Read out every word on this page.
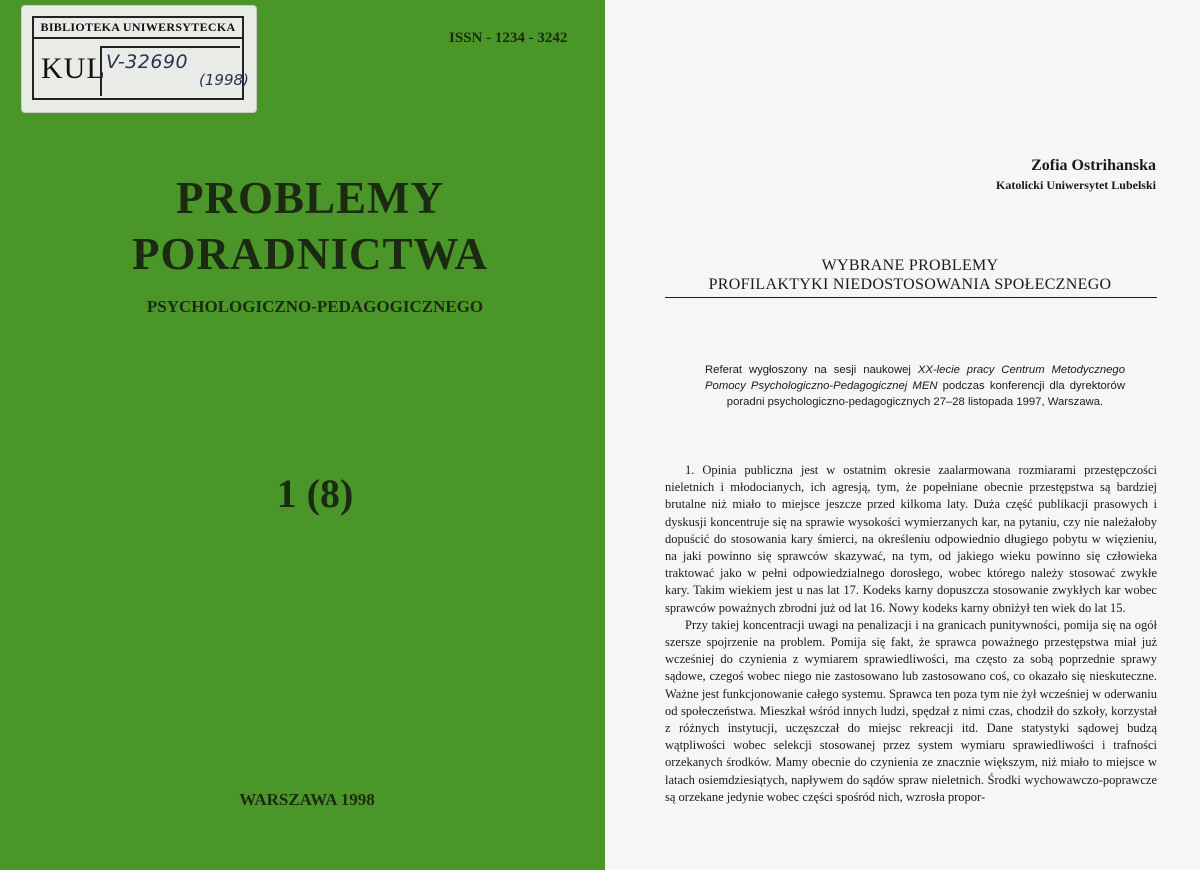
BIBLIOTEKA UNIWERSYTECKA
KUL V-32690
(1998)
ISSN - 1234 - 3242
PROBLEMY
PORADNICTWA
PSYCHOLOGICZNO-PEDAGOGICZNEGO
1 (8)
WARSZAWA 1998
Zofia Ostrihanska
Katolicki Uniwersytet Lubelski
WYBRANE PROBLEMY
PROFILAKTYKI NIEDOSTOSOWANIA SPOŁECZNEGO
Referat wygłoszony na sesji naukowej XX-lecie pracy Centrum Metodycznego Pomocy Psychologiczno-Pedagogicznej MEN podczas konferencji dla dyrektorów poradni psychologiczno-pedagogicznych 27–28 listopada 1997, Warszawa.

1. Opinia publiczna jest w ostatnim okresie zaalarmowana rozmiarami przestępczości nieletnich i młodocianych, ich agresją, tym, że popełniane obecnie przestępstwa są bardziej brutalne niż miało to miejsce jeszcze przed kilkoma laty. Duża część publikacji prasowych i dyskusji koncentruje się na sprawie wysokości wymierzanych kar, na pytaniu, czy nie należałoby dopuścić do stosowania kary śmierci, na określeniu odpowiednio długiego pobytu w więzieniu, na jaki powinno się sprawców skazywać, na tym, od jakiego wieku powinno się człowieka traktować jako w pełni odpowiedzialnego dorosłego, wobec którego należy stosować zwykłe kary. Takim wiekiem jest u nas lat 17. Kodeks karny dopuszcza stosowanie zwykłych kar wobec sprawców poważnych zbrodni już od lat 16. Nowy kodeks karny obniżył ten wiek do lat 15.

Przy takiej koncentracji uwagi na penalizacji i na granicach punitywności, pomija się na ogół szersze spojrzenie na problem. Pomija się fakt, że sprawca poważnego przestępstwa miał już wcześniej do czynienia z wymiarem sprawiedliwości, ma często za sobą poprzednie sprawy sądowe, czegoś wobec niego nie zastosowano lub zastosowano coś, co okazało się nieskuteczne. Ważne jest funkcjonowanie całego systemu. Sprawca ten poza tym nie żył wcześniej w oderwaniu od społeczeństwa. Mieszkał wśród innych ludzi, spędzał z nimi czas, chodził do szkoły, korzystał z różnych instytucji, uczęszczał do miejsc rekreacji itd. Dane statystyki sądowej budzą wątpliwości wobec selekcji stosowanej przez system wymiaru sprawiedliwości i trafności orzekanych środków. Mamy obecnie do czynienia ze znacznie większym, niż miało to miejsce w latach osiemdziesiątych, napływem do sądów spraw nieletnich. Środki wychowawczo-poprawcze są orzekane jedynie wobec części spośród nich, wzrosła propor-
